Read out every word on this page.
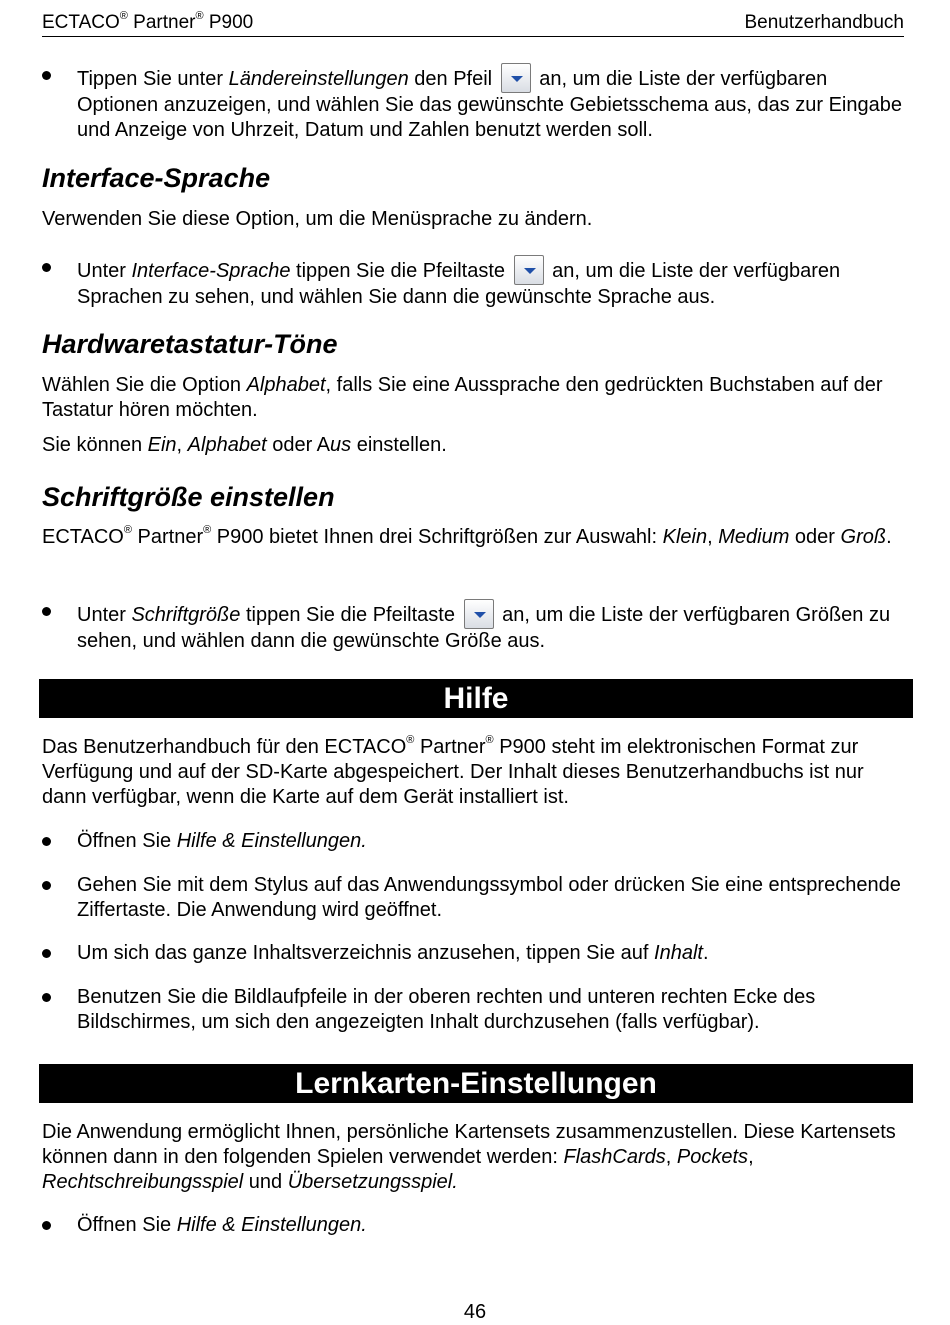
ECTACO® Partner® P900	Benutzerhandbuch

Tippen Sie unter Ländereinstellungen den Pfeil  an, um die Liste der verfügbaren Optionen anzuzeigen, und wählen Sie das gewünschte Gebietsschema aus, das zur Eingabe und Anzeige von Uhrzeit, Datum und Zahlen benutzt werden soll.

Interface-Sprache

Verwenden Sie diese Option, um die Menüsprache zu ändern.

Unter Interface-Sprache tippen Sie die Pfeiltaste  an, um die Liste der verfügbaren Sprachen zu sehen, und wählen Sie dann die gewünschte Sprache aus.

Hardwaretastatur-Töne

Wählen Sie die Option Alphabet, falls Sie eine Aussprache den gedrückten Buchstaben auf der Tastatur hören möchten.

Sie können Ein, Alphabet oder Aus einstellen.

Schriftgröße einstellen

ECTACO® Partner® P900 bietet Ihnen drei Schriftgrößen zur Auswahl: Klein, Medium oder Groß.

Unter Schriftgröße tippen Sie die Pfeiltaste  an, um die Liste der verfügbaren Größen zu sehen, und wählen dann die gewünschte Größe aus.

Hilfe

Das Benutzerhandbuch für den ECTACO® Partner® P900 steht im elektronischen Format zur Verfügung und auf der SD-Karte abgespeichert. Der Inhalt dieses Benutzerhandbuchs ist nur dann verfügbar, wenn die Karte auf dem Gerät installiert ist.

Öffnen Sie Hilfe & Einstellungen.

Gehen Sie mit dem Stylus auf das Anwendungssymbol oder drücken Sie eine entsprechende Ziffertaste. Die Anwendung wird geöffnet.

Um sich das ganze Inhaltsverzeichnis anzusehen, tippen Sie auf Inhalt.

Benutzen Sie die Bildlaufpfeile in der oberen rechten und unteren rechten Ecke des Bildschirmes, um sich den angezeigten Inhalt durchzusehen (falls verfügbar).

Lernkarten-Einstellungen

Die Anwendung ermöglicht Ihnen, persönliche Kartensets zusammenzustellen. Diese Kartensets können dann in den folgenden Spielen verwendet werden: FlashCards, Pockets, Rechtschreibungsspiel und Übersetzungsspiel.

Öffnen Sie Hilfe & Einstellungen.

46
